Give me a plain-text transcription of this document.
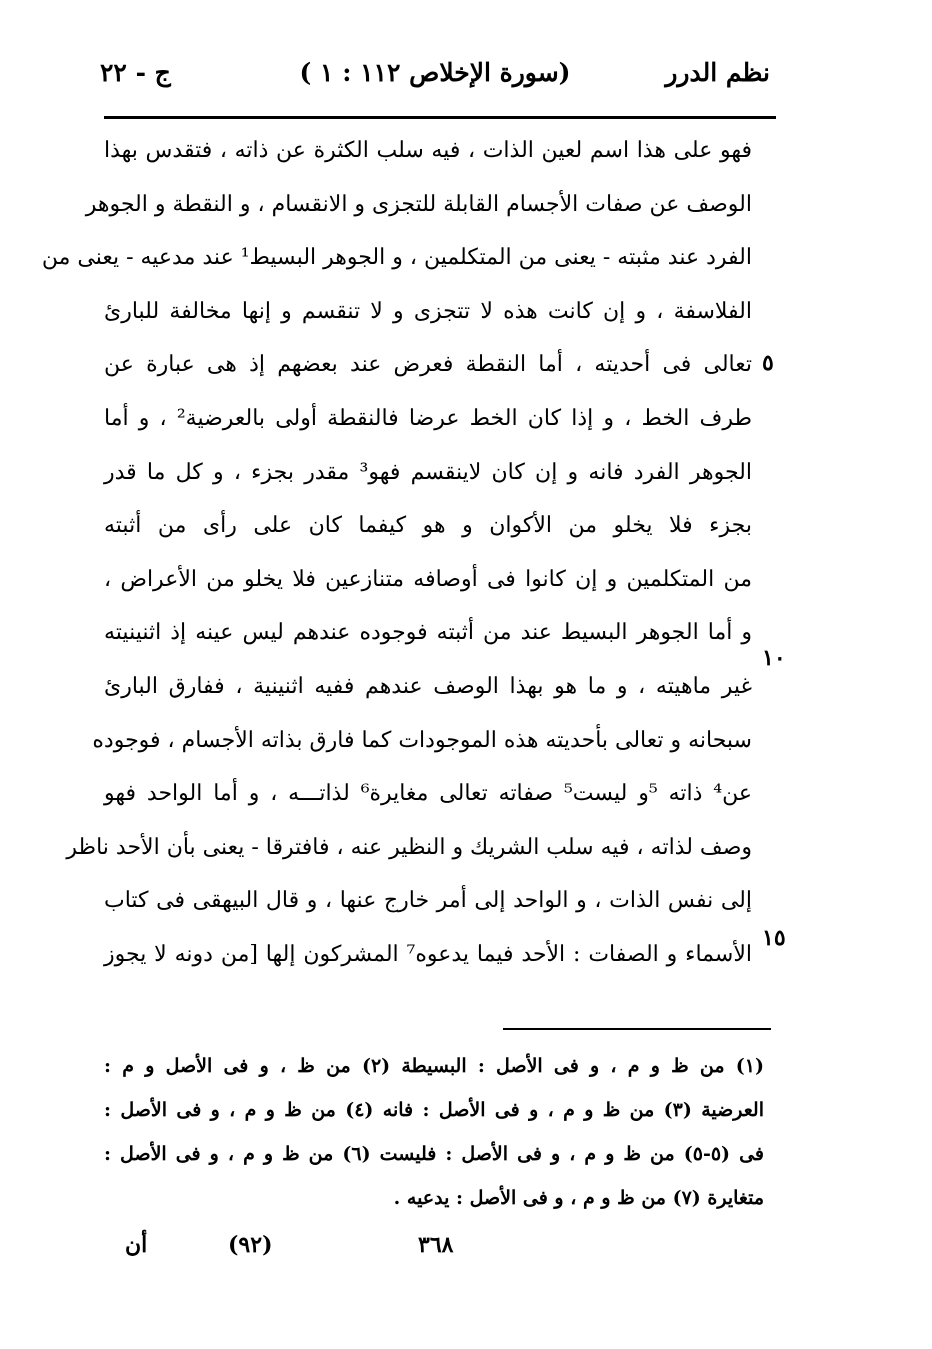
نظم الدرر
(سورة الإخلاص ١١٢ : ١ )
ج - ٢٢
فهو على هذا اسم لعين الذات ، فيه سلب الكثرة عن ذاته ، فتقدس بهذا
الوصف عن صفات الأجسام القابلة للتجزى و الانقسام ، و النقطة و الجوهر
الفرد عند مثبته - يعنى من المتكلمين ، و الجوهر البسيط¹ عند مدعيه - يعنى من
الفلاسفة ، و إن كانت هذه لا تتجزى و لا تنقسم و إنها مخالفة للبارئ
تعالى فى أحديته ، أما النقطة فعرض عند بعضهم إذ هى عبارة عن
طرف الخط ، و إذا كان الخط عرضا فالنقطة أولى بالعرضية² ، و أما
الجوهر الفرد فانه و إن كان لاينقسم فهو³ مقدر بجزء ، و كل ما قدر
بجزء فلا يخلو من الأكوان و هو كيفما كان على رأى من أثبته
من المتكلمين و إن كانوا فى أوصافه متنازعين فلا يخلو من الأعراض ،
و أما الجوهر البسيط عند من أثبته فوجوده عندهم ليس عينه إذ اثنينيته
غير ماهيته ، و ما هو بهذا الوصف عندهم ففيه اثنينية ، ففارق البارئ
سبحانه و تعالى بأحديته هذه الموجودات كما فارق بذاته الأجسام ، فوجوده
عن⁴ ذاته ⁵و ليست⁵ صفاته تعالى مغايرة⁶ لذاتـــه ، و أما الواحد فهو
وصف لذاته ، فيه سلب الشريك و النظير عنه ، فافترقا - يعنى بأن الأحد ناظر
إلى نفس الذات ، و الواحد إلى أمر خارج عنها ، و قال البيهقى فى كتاب
الأسماء و الصفات : الأحد فيما يدعوه⁷ المشركون إلها [من دونه لا يجوز
٥
١٠
١٥
(١) من ظ و م ، و فى الأصل : البسيطة (٢) من ظ ، و فى الأصل و م :
العرضية (٣) من ظ و م ، و فى الأصل : فانه (٤) من ظ و م ، و فى الأصل :
فى (٥-٥) من ظ و م ، و فى الأصل : فليست (٦) من ظ و م ، و فى الأصل :
متغايرة (٧) من ظ و م ، و فى الأصل : يدعيه .
أن	(٩٢)	٣٦٨
